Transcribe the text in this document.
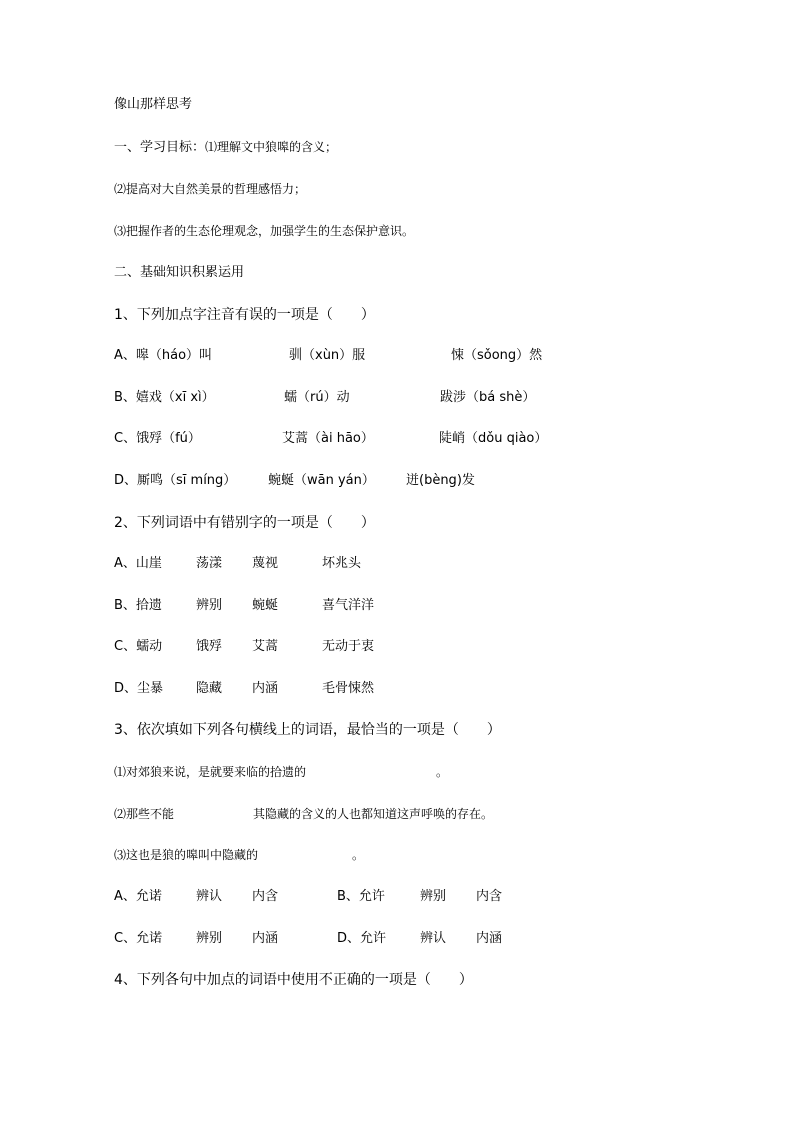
像山那样思考
一、学习目标：⑴理解文中狼嗥的含义；
⑵提高对大自然美景的哲理感悟力；
⑶把握作者的生态伦理观念，加强学生的生态保护意识。
二、基础知识积累运用
1、下列加点字注音有误的一项是（　　）
A、嗥（háo）叫	驯（xùn）服	悚（sǒong）然
B、嬉戏（xī xì）	蠕（rú）动	跋涉（bá shè）
C、饿殍（fú）	艾蒿（ài hāo）	陡峭（dǒu qiào）
D、厮鸣（sī míng） 蜿蜒（wān yán） 迸(bèng)发
2、下列词语中有错别字的一项是（　　）
A、山崖	荡漾 蔑视	坏兆头
B、拾遗	辨别 蜿蜒	喜气洋洋
C、蠕动	饿殍 艾蒿	无动于衷
D、尘暴	隐藏 内涵	毛骨悚然
3、依次填如下列各句横线上的词语，最恰当的一项是（　　）
⑴对郊狼来说，是就要来临的拾遗的	。
⑵那些不能	其隐藏的含义的人也都知道这声呼唤的存在。
⑶这也是狼的嗥叫中隐藏的	。
A、允诺	辨认 内含	B、允许	辨别 内含
C、允诺	辨别 内涵	D、允许	辨认 内涵
4、下列各句中加点的词语中使用不正确的一项是（　　）
